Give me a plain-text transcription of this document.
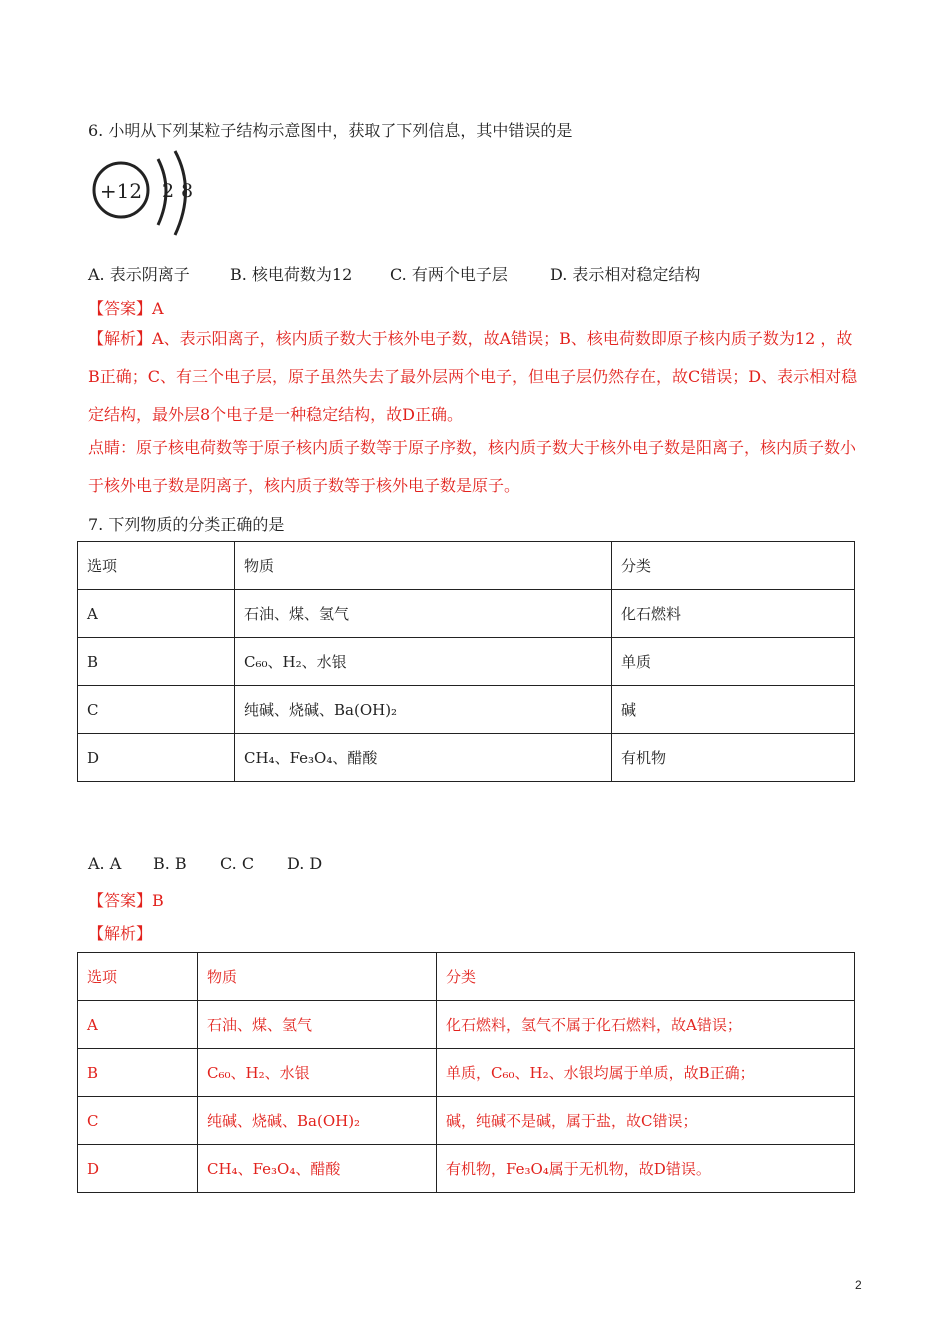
6. 小明从下列某粒子结构示意图中，获取了下列信息，其中错误的是
+12 2 8
A. 表示阴离子	B. 核电荷数为12 C. 有两个电子层	D. 表示相对稳定结构
【答案】A
【解析】A、表示阳离子，核内质子数大于核外电子数，故A错误；B、核电荷数即原子核内质子数为12 ，故B正确；C、有三个电子层，原子虽然失去了最外层两个电子，但电子层仍然存在，故C错误；D、表示相对稳定结构，最外层8个电子是一种稳定结构，故D正确。
点睛：原子核电荷数等于原子核内质子数等于原子序数，核内质子数大于核外电子数是阳离子，核内质子数小于核外电子数是阴离子，核内质子数等于核外电子数是原子。
7. 下列物质的分类正确的是
选项	物质	分类
A	石油、煤、氢气	化石燃料
B	C₆₀、H₂、水银	单质
C	纯碱、烧碱、Ba(OH)₂	碱
D	CH₄、Fe₃O₄、醋酸	有机物
A. A B. B C. C D. D
【答案】B
【解析】
选项	物质	分类
A	石油、煤、氢气	化石燃料，氢气不属于化石燃料，故A错误；
B	C₆₀、H₂、水银	单质，C₆₀、H₂、水银均属于单质，故B正确；
C	纯碱、烧碱、Ba(OH)₂	碱，纯碱不是碱，属于盐，故C错误；
D	CH₄、Fe₃O₄、醋酸	有机物，Fe₃O₄属于无机物，故D错误。
2
